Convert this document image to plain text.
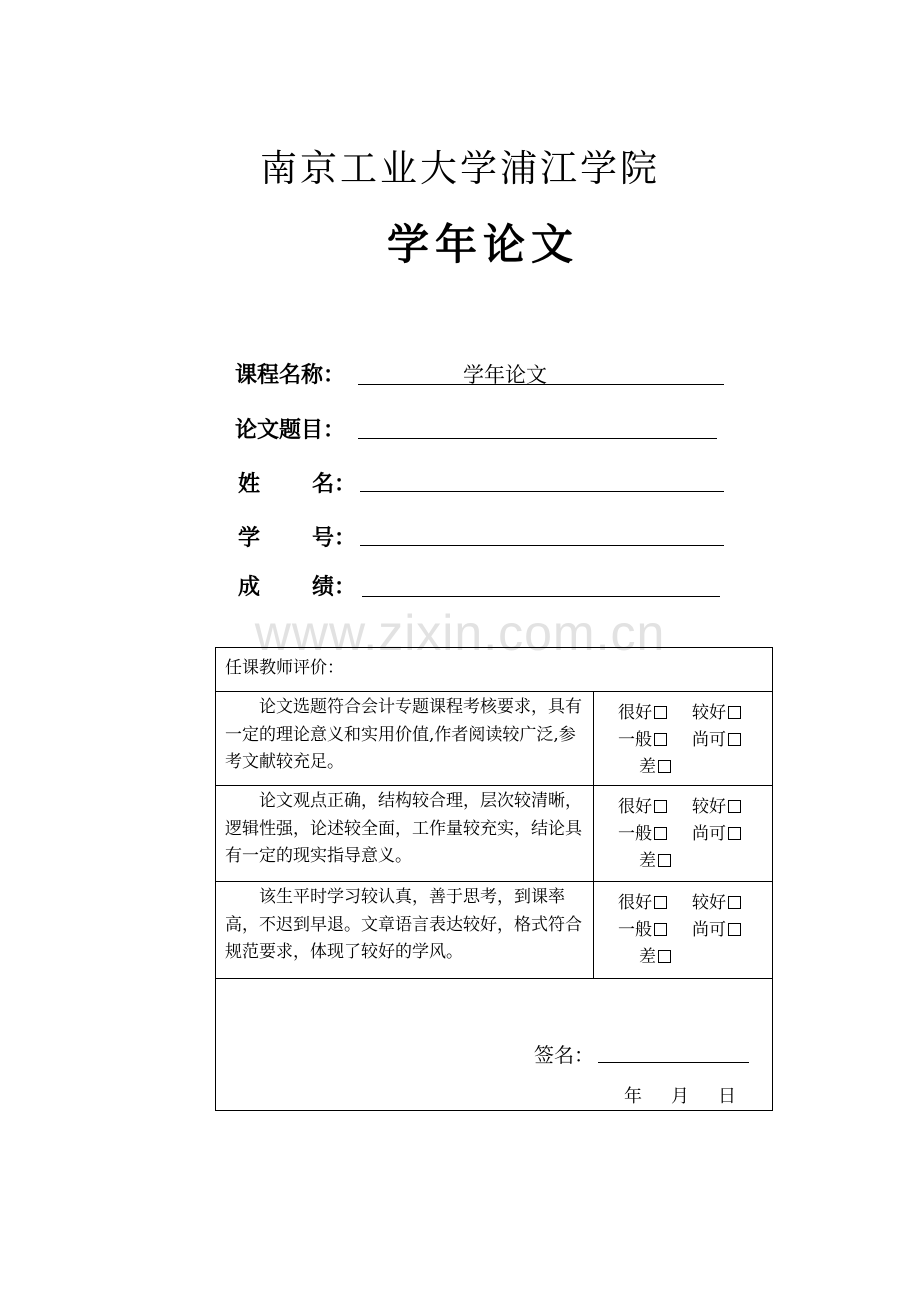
南京工业大学浦江学院
学年论文
课程名称：	学年论文
论文题目：
姓 名：
学 号：
成 绩：
www.zixin.com.cn
任课教师评价：
论文选题符合会计专题课程考核要求，具有一定的理论意义和实用价值,作者阅读较广泛,参考文献较充足。
很好	较好
一般	尚可
差
论文观点正确，结构较合理，层次较清晰，逻辑性强，论述较全面，工作量较充实，结论具有一定的现实指导意义。
很好	较好
一般	尚可
差
该生平时学习较认真，善于思考，到课率高，不迟到早退。文章语言表达较好，格式符合规范要求，体现了较好的学风。
很好	较好
一般	尚可
差
签名：
年 月 日
